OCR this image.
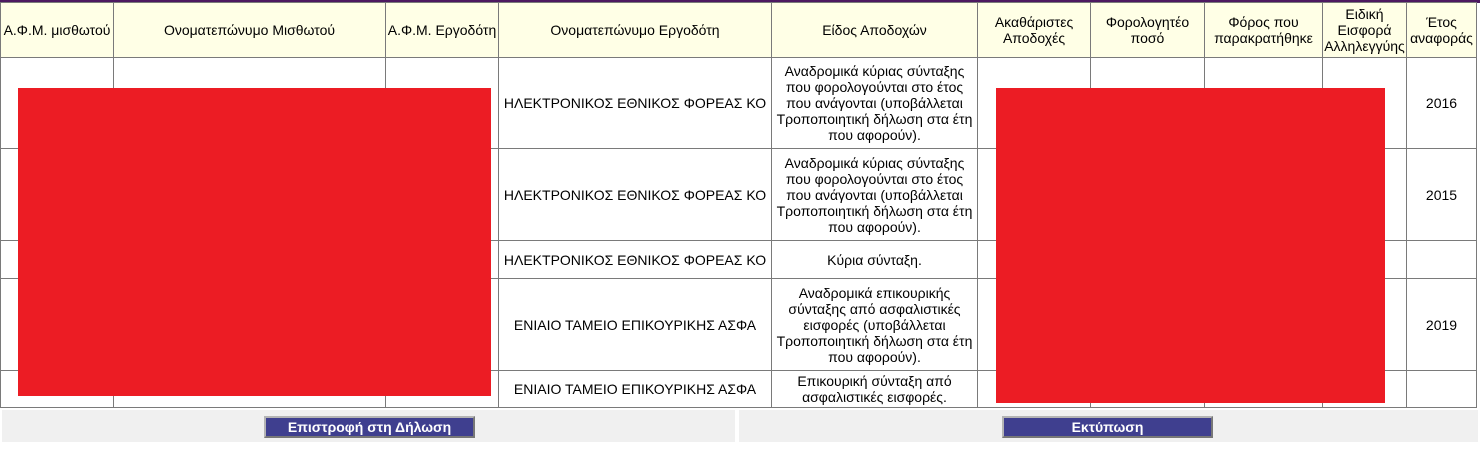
Α.Φ.Μ. μισθωτού	Ονοματεπώνυμο Μισθωτού	Α.Φ.Μ. Εργοδότη	Ονοματεπώνυμο Εργοδότη	Είδος Αποδοχών	Ακαθάριστες Αποδοχές	Φορολογητέο ποσό	Φόρος που παρακρατήθηκε	Ειδική Εισφορά Αλληλεγγύης	Έτος αναφοράς
			ΗΛΕΚΤΡΟΝΙΚΟΣ ΕΘΝΙΚΟΣ ΦΟΡΕΑΣ ΚΟ	Αναδρομικά κύριας σύνταξης που φορολογούνται στο έτος που ανάγονται (υποβάλλεται Τροποποιητική δήλωση στα έτη που αφορούν).					2016
			ΗΛΕΚΤΡΟΝΙΚΟΣ ΕΘΝΙΚΟΣ ΦΟΡΕΑΣ ΚΟ	Αναδρομικά κύριας σύνταξης που φορολογούνται στο έτος που ανάγονται (υποβάλλεται Τροποποιητική δήλωση στα έτη που αφορούν).					2015
			ΗΛΕΚΤΡΟΝΙΚΟΣ ΕΘΝΙΚΟΣ ΦΟΡΕΑΣ ΚΟ	Κύρια σύνταξη.					
			ΕΝΙΑΙΟ ΤΑΜΕΙΟ ΕΠΙΚΟΥΡΙΚΗΣ ΑΣΦΑ	Αναδρομικά επικουρικής σύνταξης από ασφαλιστικές εισφορές (υποβάλλεται Τροποποιητική δήλωση στα έτη που αφορούν).					2019
			ΕΝΙΑΙΟ ΤΑΜΕΙΟ ΕΠΙΚΟΥΡΙΚΗΣ ΑΣΦΑ	Επικουρική σύνταξη από ασφαλιστικές εισφορές.					
Επιστροφή στη Δήλωση	Εκτύπωση
